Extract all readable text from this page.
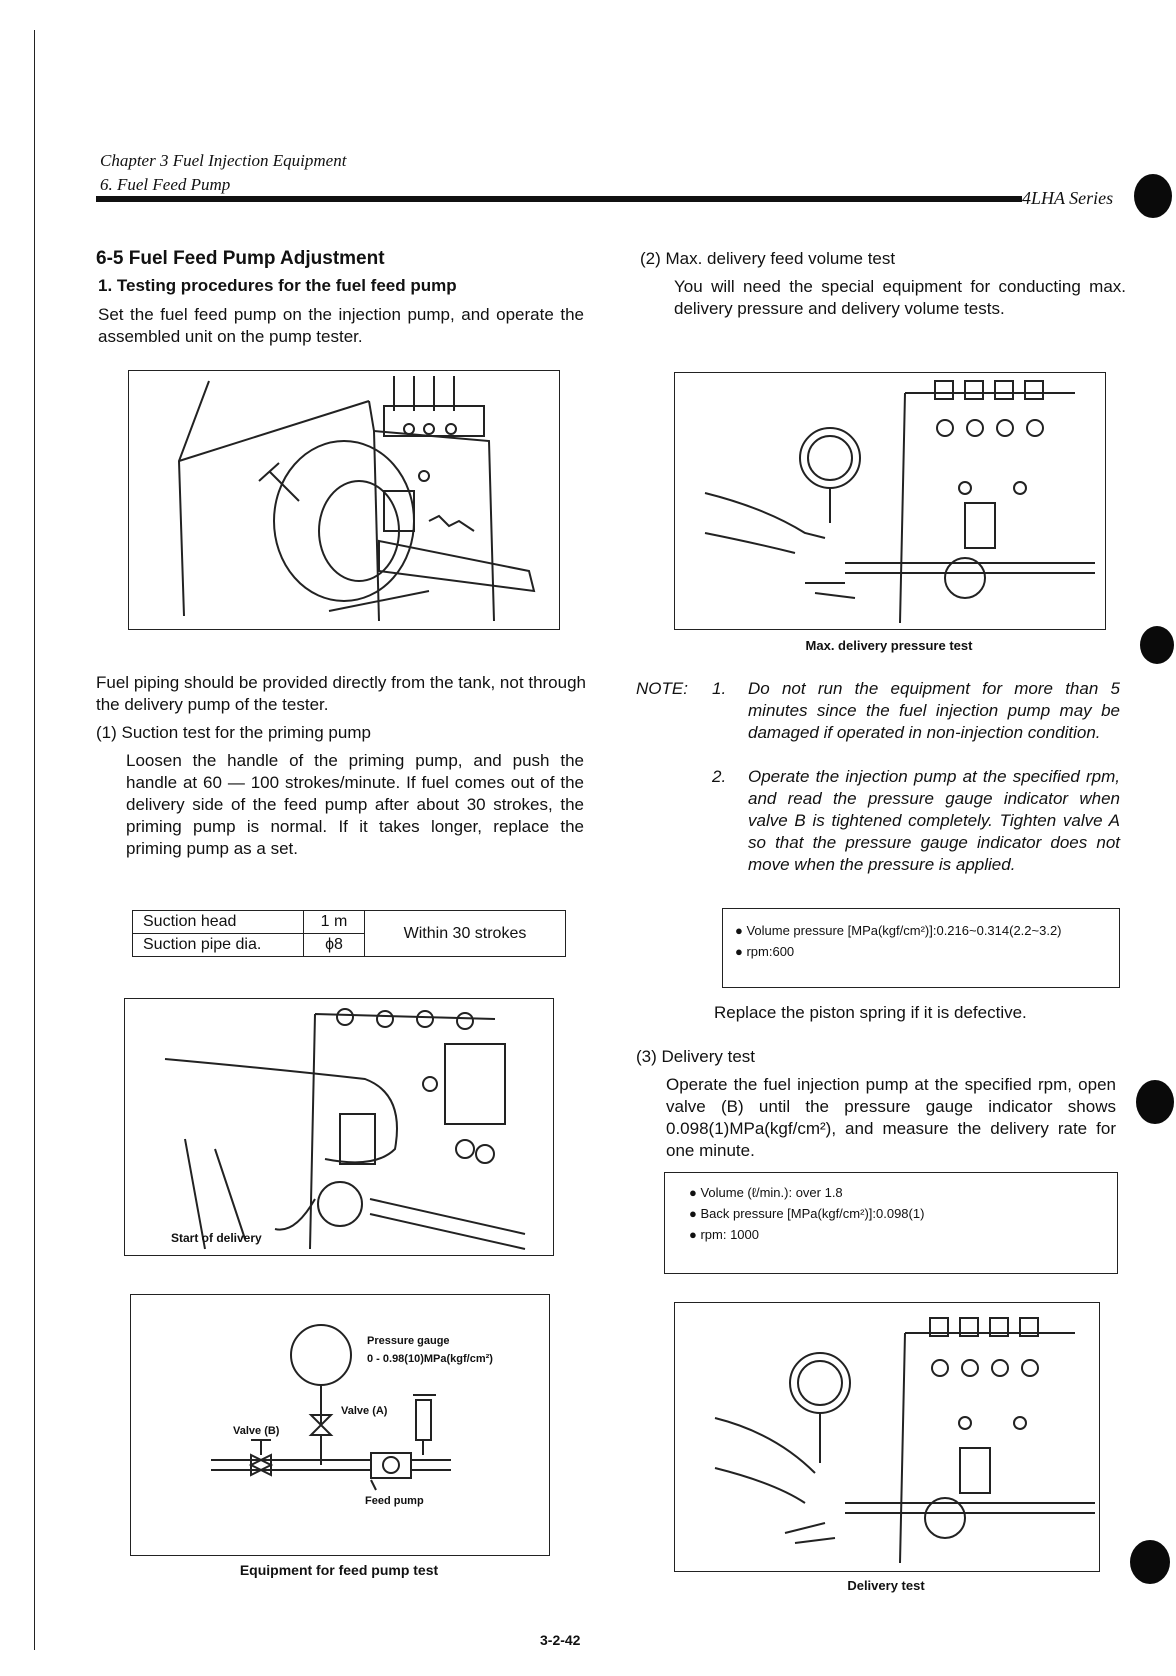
Chapter 3 Fuel Injection Equipment
6. Fuel Feed Pump
4LHA Series
6-5 Fuel Feed Pump Adjustment
1. Testing procedures for the fuel feed pump
Set the fuel feed pump on the injection pump, and operate the assembled unit on the pump tester.
Fuel piping should be provided directly from the tank, not through the delivery pump of the tester.
(1) Suction test for the priming pump
Loosen the handle of the priming pump, and push the handle at 60 — 100 strokes/minute. If fuel comes out of the delivery side of the feed pump after about 30 strokes, the priming pump is normal. If it takes longer, replace the priming pump as a set.
Suction head	1 m	Within 30 strokes
Suction pipe dia.	ϕ8	
Start of delivery
Pressure gauge
0 - 0.98(10)MPa(kgf/cm²)
Valve (A)
Valve (B)
Feed pump
Equipment for feed pump test
(2) Max. delivery feed volume test
You will need the special equipment for conducting max. delivery pressure and delivery volume tests.
Max. delivery pressure test
NOTE: 1. Do not run the equipment for more than 5 minutes since the fuel injection pump may be damaged if operated in non-injection condition.
2. Operate the injection pump at the specified rpm, and read the pressure gauge indicator when valve B is tightened completely. Tighten valve A so that the pressure gauge indicator does not move when the pressure is applied.
● Volume pressure [MPa(kgf/cm²)]:0.216~0.314(2.2~3.2)
● rpm:600
Replace the piston spring if it is defective.
(3) Delivery test
Operate the fuel injection pump at the specified rpm, open valve (B) until the pressure gauge indicator shows 0.098(1)MPa(kgf/cm²), and measure the delivery rate for one minute.
● Volume (ℓ/min.): over 1.8
● Back pressure [MPa(kgf/cm²)]:0.098(1)
● rpm: 1000
Delivery test
3-2-42
